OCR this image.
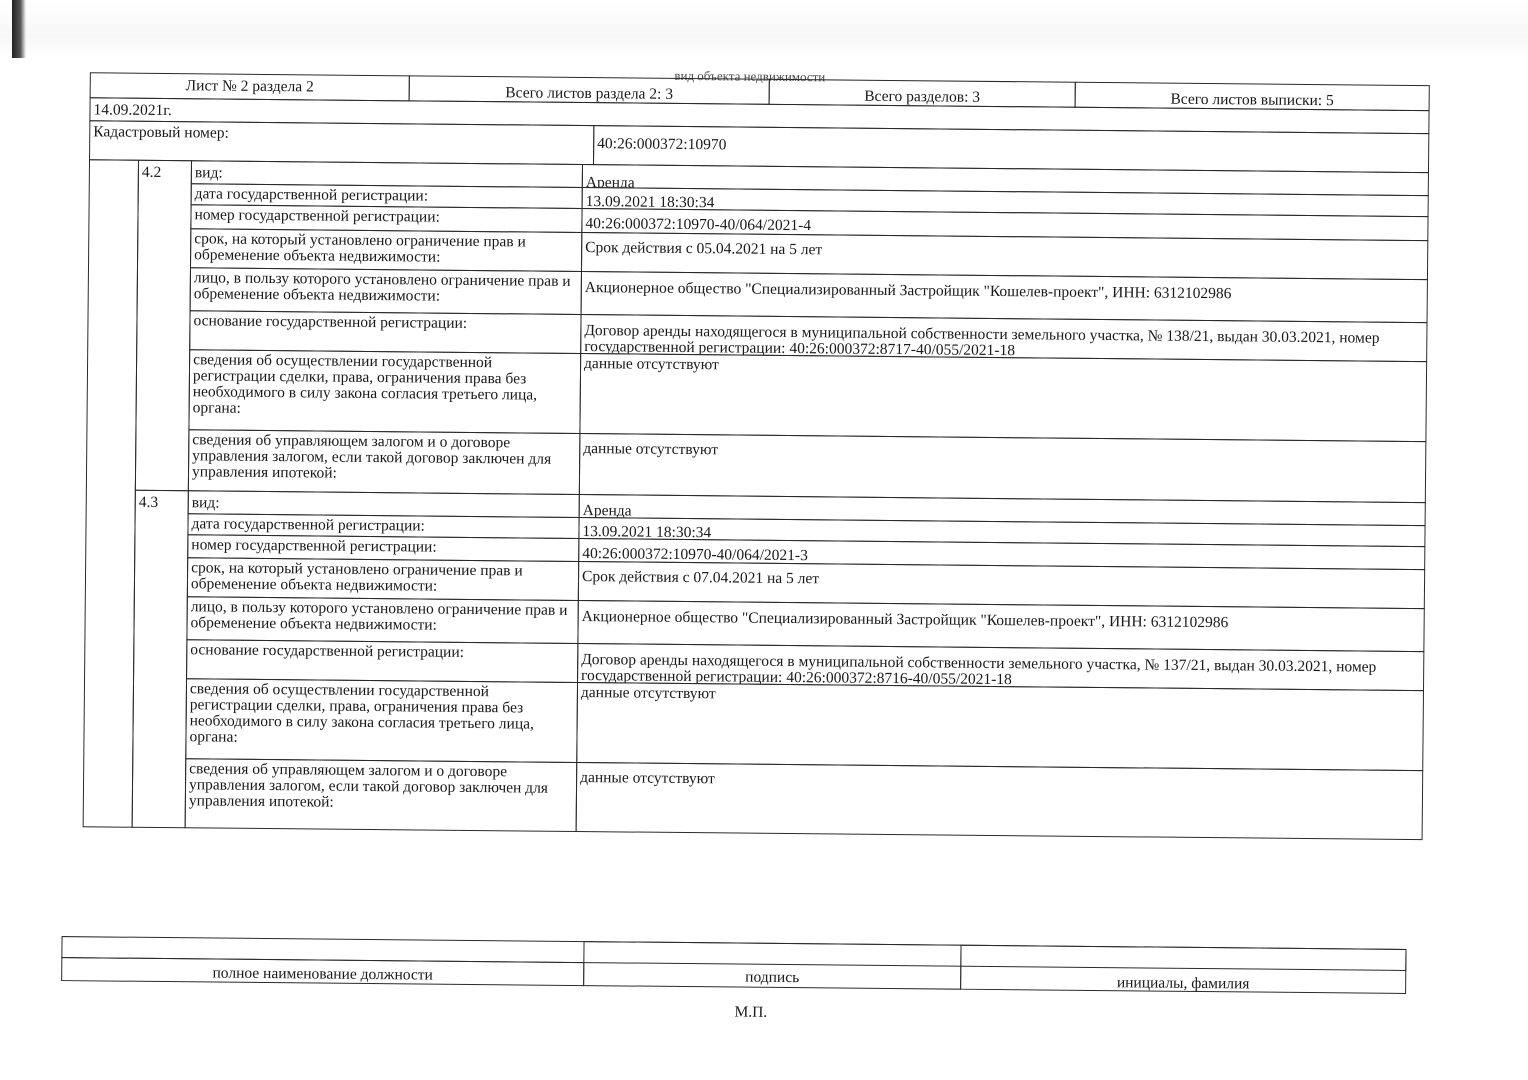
вид объекта недвижимости
Лист № 2 раздела 2	Всего листов раздела 2: 3	Всего разделов: 3	Всего листов выписки: 5
14.09.2021г.
Кадастровый номер:
40:26:000372:10970
4.2	вид:
Аренда
дата государственной регистрации:	13.09.2021 18:30:34
номер государственной регистрации:	40:26:000372:10970-40/064/2021-4
срок, на который установлено ограничение прав и обременение объекта недвижимости:	Срок действия с 05.04.2021 на 5 лет
лицо, в пользу которого установлено ограничение прав и обременение объекта недвижимости:	Акционерное общество "Специализированный Застройщик "Кошелев-проект", ИНН: 6312102986
основание государственной регистрации:	Договор аренды находящегося в муниципальной собственности земельного участка, № 138/21, выдан 30.03.2021, номер государственной регистрации: 40:26:000372:8717-40/055/2021-18
сведения об осуществлении государственной регистрации сделки, права, ограничения права без необходимого в силу закона согласия третьего лица, органа:
данные отсутствуют
сведения об управляющем залогом и о договоре управления залогом, если такой договор заключен для управления ипотекой:
данные отсутствуют
4.3	вид:	Аренда
дата государственной регистрации:	13.09.2021 18:30:34
номер государственной регистрации:	40:26:000372:10970-40/064/2021-3
срок, на который установлено ограничение прав и обременение объекта недвижимости:	Срок действия с 07.04.2021 на 5 лет
лицо, в пользу которого установлено ограничение прав и обременение объекта недвижимости:	Акционерное общество "Специализированный Застройщик "Кошелев-проект", ИНН: 6312102986
основание государственной регистрации:	Договор аренды находящегося в муниципальной собственности земельного участка, № 137/21, выдан 30.03.2021, номер государственной регистрации: 40:26:000372:8716-40/055/2021-18
сведения об осуществлении государственной регистрации сделки, права, ограничения права без необходимого в силу закона согласия третьего лица, органа:
данные отсутствуют
сведения об управляющем залогом и о договоре управления залогом, если такой договор заключен для управления ипотекой:
данные отсутствуют
полное наименование должности	подпись	инициалы, фамилия
М.П.
